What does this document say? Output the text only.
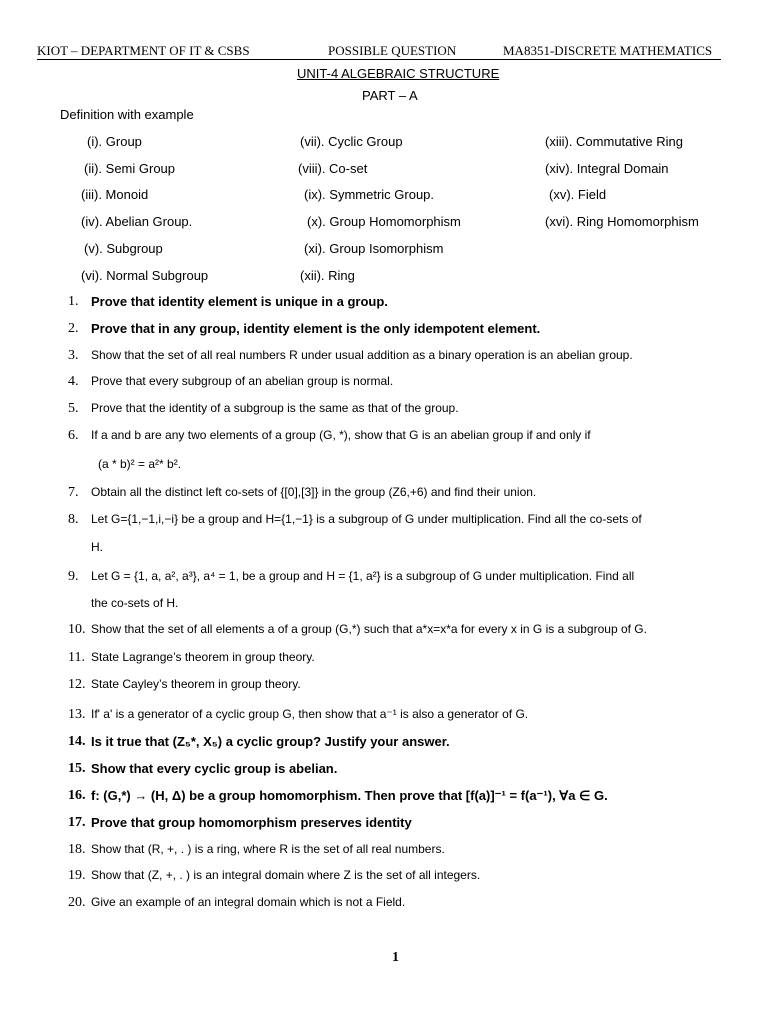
KIOT – DEPARTMENT OF IT & CSBS	POSSIBLE QUESTION	MA8351-DISCRETE MATHEMATICS
UNIT-4 ALGEBRAIC STRUCTURE
PART – A
Definition with example
(i). Group
(ii). Semi Group
(iii). Monoid
(iv). Abelian Group.
(v). Subgroup
(vi). Normal Subgroup
(vii). Cyclic Group
(viii). Co-set
(ix). Symmetric Group.
(x). Group Homomorphism
(xi). Group Isomorphism
(xii). Ring
(xiii). Commutative Ring
(xiv). Integral Domain
(xv). Field
(xvi). Ring Homomorphism
1. Prove that identity element is unique in a group.
2. Prove that in any group, identity element is the only idempotent element.
3. Show that the set of all real numbers R under usual addition as a binary operation is an abelian group.
4. Prove that every subgroup of an abelian group is normal.
5. Prove that the identity of a subgroup is the same as that of the group.
6. If a and b are any two elements of a group (G, *), show that G is an abelian group if and only if
(a * b)² = a²* b².
7. Obtain all the distinct left co-sets of {[0],[3]} in the group (Z6,+6) and find their union.
8. Let G={1,−1,i,−i} be a group and H={1,−1} is a subgroup of G under multiplication. Find all the co-sets of
H.
9. Let G = {1, a, a², a³}, a⁴ = 1, be a group and H = {1, a²} is a subgroup of G under multiplication. Find all
the co-sets of H.
10. Show that the set of all elements a of a group (G,*) such that a*x=x*a for every x in G is a subgroup of G.
11. State Lagrange’s theorem in group theory.
12. State Cayley’s theorem in group theory.
13. If' a' is a generator of a cyclic group G, then show that a⁻¹ is also a generator of G.
14. Is it true that (Z₅*, X₅) a cyclic group? Justify your answer.
15. Show that every cyclic group is abelian.
16. f: (G,*) → (H, Δ) be a group homomorphism. Then prove that [f(a)]⁻¹ = f(a⁻¹), ∀a ∈ G.
17. Prove that group homomorphism preserves identity
18. Show that (R, +, . ) is a ring, where R is the set of all real numbers.
19. Show that (Z, +, . ) is an integral domain where Z is the set of all integers.
20. Give an example of an integral domain which is not a Field.
1
